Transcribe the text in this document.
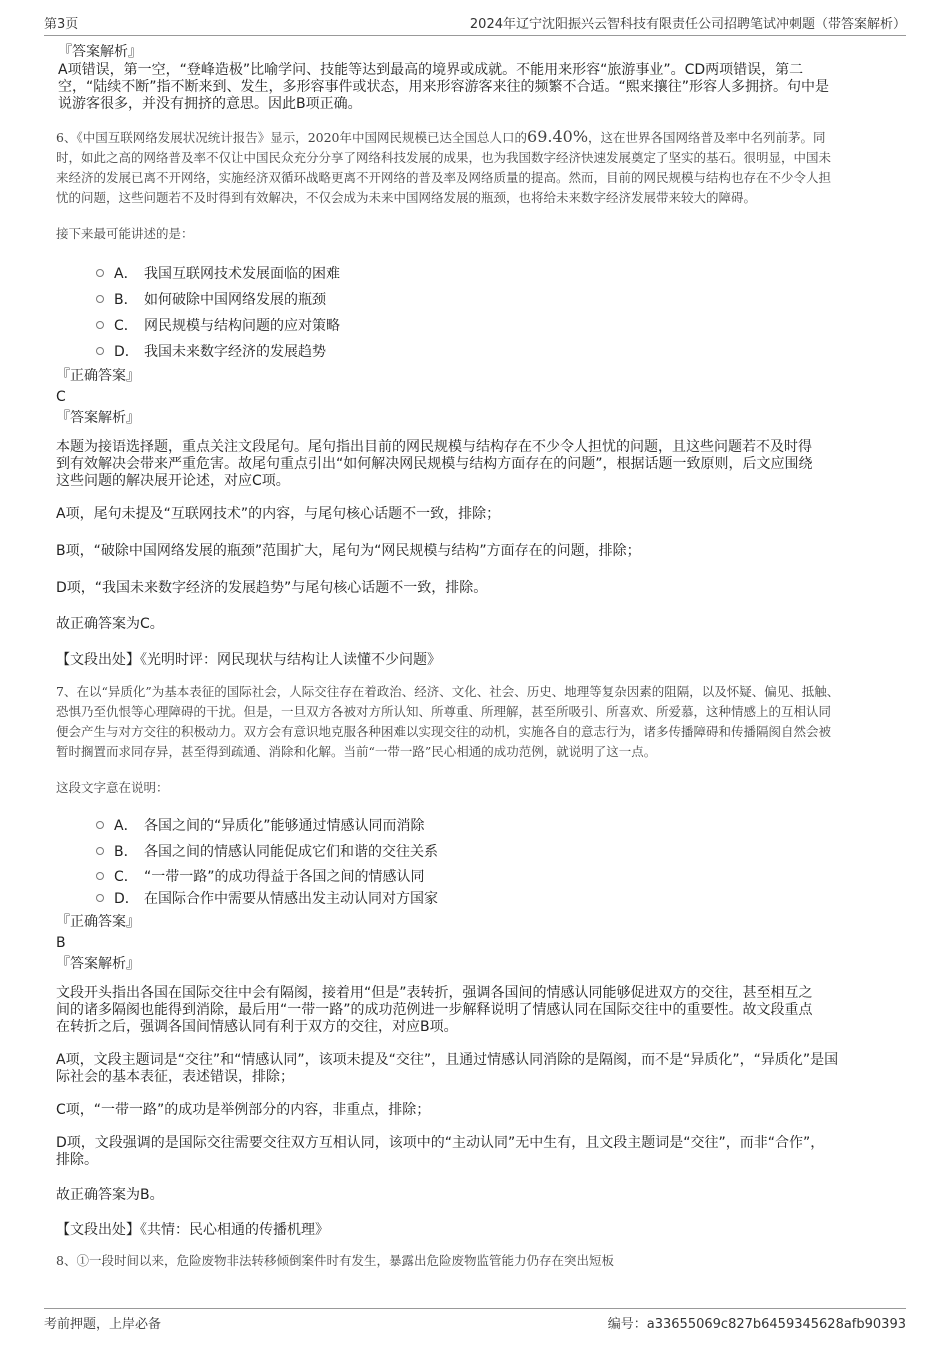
第3页	2024年辽宁沈阳振兴云智科技有限责任公司招聘笔试冲刺题（带答案解析）
『答案解析』
A项错误，第一空，“登峰造极”比喻学问、技能等达到最高的境界或成就。不能用来形容“旅游事业”。CD两项错误，第二
空，“陆续不断”指不断来到、发生，多形容事件或状态，用来形容游客来往的频繁不合适。“熙来攘往”形容人多拥挤。句中是
说游客很多，并没有拥挤的意思。因此B项正确。

6、《中国互联网络发展状况统计报告》显示，2020年中国网民规模已达全国总人口的69.40%，这在世界各国网络普及率中名列前茅。同

时，如此之高的网络普及率不仅让中国民众充分分享了网络科技发展的成果，也为我国数字经济快速发展奠定了坚实的基石。很明显，中国未

来经济的发展已离不开网络，实施经济双循环战略更离不开网络的普及率及网络质量的提高。然而，目前的网民规模与结构也存在不少令人担

忧的问题，这些问题若不及时得到有效解决，不仅会成为未来中国网络发展的瓶颈，也将给未来数字经济发展带来较大的障碍。

接下来最可能讲述的是：

A． 我国互联网技术发展面临的困难
B． 如何破除中国网络发展的瓶颈
C． 网民规模与结构问题的应对策略
D． 我国未来数字经济的发展趋势
『正确答案』
C
『答案解析』

本题为接语选择题，重点关注文段尾句。尾句指出目前的网民规模与结构存在不少令人担忧的问题，且这些问题若不及时得
到有效解决会带来严重危害。故尾句重点引出“如何解决网民规模与结构方面存在的问题”，根据话题一致原则，后文应围绕
这些问题的解决展开论述，对应C项。

A项，尾句未提及“互联网技术”的内容，与尾句核心话题不一致，排除；

B项，“破除中国网络发展的瓶颈”范围扩大，尾句为“网民规模与结构”方面存在的问题，排除；

D项，“我国未来数字经济的发展趋势”与尾句核心话题不一致，排除。

故正确答案为C。

【文段出处】《光明时评：网民现状与结构让人读懂不少问题》

7、在以“异质化”为基本表征的国际社会，人际交往存在着政治、经济、文化、社会、历史、地理等复杂因素的阻隔，以及怀疑、偏见、抵触、

恐惧乃至仇恨等心理障碍的干扰。但是，一旦双方各被对方所认知、所尊重、所理解，甚至所吸引、所喜欢、所爱慕，这种情感上的互相认同

便会产生与对方交往的积极动力。双方会有意识地克服各种困难以实现交往的动机，实施各自的意志行为，诸多传播障碍和传播隔阂自然会被

暂时搁置而求同存异，甚至得到疏通、消除和化解。当前“一带一路”民心相通的成功范例，就说明了这一点。

这段文字意在说明：

A． 各国之间的“异质化”能够通过情感认同而消除
B． 各国之间的情感认同能促成它们和谐的交往关系
C． “一带一路”的成功得益于各国之间的情感认同
D． 在国际合作中需要从情感出发主动认同对方国家
『正确答案』
B
『答案解析』

文段开头指出各国在国际交往中会有隔阂，接着用“但是”表转折，强调各国间的情感认同能够促进双方的交往，甚至相互之
间的诸多隔阂也能得到消除，最后用“一带一路”的成功范例进一步解释说明了情感认同在国际交往中的重要性。故文段重点
在转折之后，强调各国间情感认同有利于双方的交往，对应B项。

A项，文段主题词是“交往”和“情感认同”，该项未提及“交往”，且通过情感认同消除的是隔阂，而不是“异质化”，“异质化”是国
际社会的基本表征，表述错误，排除；

C项，“一带一路”的成功是举例部分的内容，非重点，排除；

D项，文段强调的是国际交往需要交往双方互相认同，该项中的“主动认同”无中生有，且文段主题词是“交往”，而非“合作”，
排除。

故正确答案为B。

【文段出处】《共情：民心相通的传播机理》

8、①一段时间以来，危险废物非法转移倾倒案件时有发生，暴露出危险废物监管能力仍存在突出短板

考前押题，上岸必备	编号：a33655069c827b6459345628afb90393
